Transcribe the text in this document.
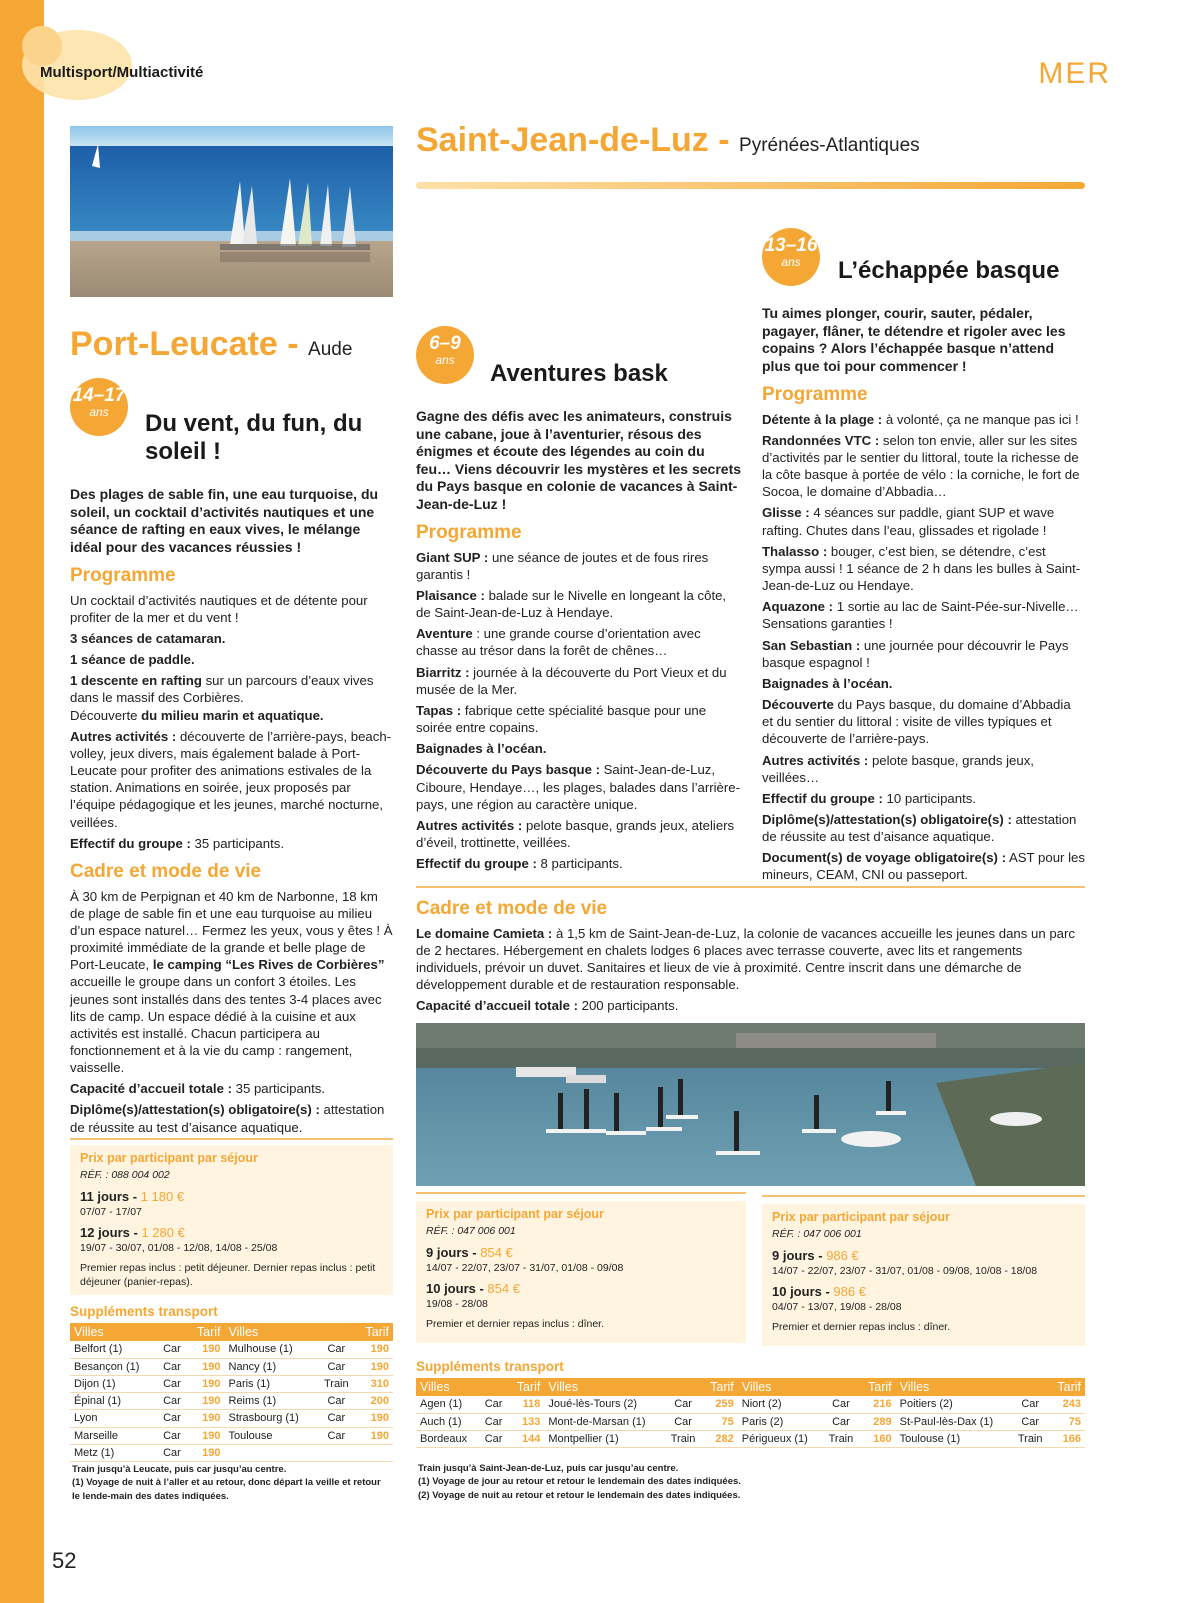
Multisport/Multiactivité	MER
Port-Leucate - Aude
14–17
ans	Du vent, du fun, du soleil !

Des plages de sable fin, une eau turquoise, du soleil, un cocktail d’activités nautiques et une séance de rafting en eaux vives, le mélange idéal pour des vacances réussies !

Programme

Un cocktail d’activités nautiques et de détente pour profiter de la mer et du vent !

3 séances de catamaran.

1 séance de paddle.

1 descente en rafting sur un parcours d’eaux vives dans le massif des Corbières.

Découverte du milieu marin et aquatique.

Autres activités : découverte de l’arrière-pays, beach-volley, jeux divers, mais également balade à Port-Leucate pour profiter des animations estivales de la station. Animations en soirée, jeux proposés par l’équipe pédagogique et les jeunes, marché nocturne, veillées.

Effectif du groupe : 35 participants.

Cadre et mode de vie

À 30 km de Perpignan et 40 km de Narbonne, 18 km de plage de sable fin et une eau turquoise au milieu d’un espace naturel… Fermez les yeux, vous y êtes ! À proximité immédiate de la grande et belle plage de Port-Leucate, le camping “Les Rives de Corbières” accueille le groupe dans un confort 3 étoiles. Les jeunes sont installés dans des tentes 3-4 places avec lits de camp. Un espace dédié à la cuisine et aux activités est installé. Chacun participera au fonctionnement et à la vie du camp : rangement, vaisselle.

Capacité d’accueil totale : 35 participants.

Diplôme(s)/attestation(s) obligatoire(s) : attestation de réussite au test d’aisance aquatique.

Prix par participant par séjour
RÉF. : 088 004 002
11 jours - 1 180 €
07/07 - 17/07
12 jours - 1 280 €
19/07 - 30/07, 01/08 - 12/08, 14/08 - 25/08
Premier repas inclus : petit déjeuner. Dernier repas inclus : petit déjeuner (panier-repas).
Suppléments transport
Villes		Tarif	Villes		Tarif
Belfort (1)	Car	190	Mulhouse (1)	Car	190
Besançon (1)	Car	190	Nancy (1)	Car	190
Dijon (1)	Car	190	Paris (1)	Train	310
Épinal (1)	Car	190	Reims (1)	Car	200
Lyon	Car	190	Strasbourg (1)	Car	190
Marseille	Car	190	Toulouse	Car	190
Metz (1)	Car	190			
Train jusqu’à Leucate, puis car jusqu’au centre.
(1) Voyage de nuit à l’aller et au retour, donc départ la veille et retour le lende-main des dates indiquées.
Saint-Jean-de-Luz - Pyrénées-Atlantiques
6–9
ans	Aventures bask

Gagne des défis avec les animateurs, construis une cabane, joue à l’aventurier, résous des énigmes et écoute des légendes au coin du feu… Viens découvrir les mystères et les secrets du Pays basque en colonie de vacances à Saint-Jean-de-Luz !

Programme

Giant SUP : une séance de joutes et de fous rires garantis !

Plaisance : balade sur le Nivelle en longeant la côte, de Saint-Jean-de-Luz à Hendaye.

Aventure : une grande course d’orientation avec chasse au trésor dans la forêt de chênes…

Biarritz : journée à la découverte du Port Vieux et du musée de la Mer.

Tapas : fabrique cette spécialité basque pour une soirée entre copains.

Baignades à l’océan.

Découverte du Pays basque : Saint-Jean-de-Luz, Ciboure, Hendaye…, les plages, balades dans l’arrière-pays, une région au caractère unique.

Autres activités : pelote basque, grands jeux, ateliers d’éveil, trottinette, veillées.

Effectif du groupe : 8 participants.

13–16
ans	L’échappée basque

Tu aimes plonger, courir, sauter, pédaler, pagayer, flâner, te détendre et rigoler avec les copains ? Alors l’échappée basque n’attend plus que toi pour commencer !

Programme

Détente à la plage : à volonté, ça ne manque pas ici !

Randonnées VTC : selon ton envie, aller sur les sites d’activités par le sentier du littoral, toute la richesse de la côte basque à portée de vélo : la corniche, le fort de Socoa, le domaine d’Abbadia…

Glisse : 4 séances sur paddle, giant SUP et wave rafting. Chutes dans l’eau, glissades et rigolade !

Thalasso : bouger, c’est bien, se détendre, c’est sympa aussi ! 1 séance de 2 h dans les bulles à Saint-Jean-de-Luz ou Hendaye.

Aquazone : 1 sortie au lac de Saint-Pée-sur-Nivelle… Sensations garanties !

San Sebastian : une journée pour découvrir le Pays basque espagnol !

Baignades à l’océan.

Découverte du Pays basque, du domaine d’Abbadia et du sentier du littoral : visite de villes typiques et découverte de l’arrière-pays.

Autres activités : pelote basque, grands jeux, veillées…

Effectif du groupe : 10 participants.

Diplôme(s)/attestation(s) obligatoire(s) : attestation de réussite au test d’aisance aquatique.

Document(s) de voyage obligatoire(s) : AST pour les mineurs, CEAM, CNI ou passeport.

Cadre et mode de vie

Le domaine Camieta : à 1,5 km de Saint-Jean-de-Luz, la colonie de vacances accueille les jeunes dans un parc de 2 hectares. Hébergement en chalets lodges 6 places avec terrasse couverte, avec lits et rangements individuels, prévoir un duvet. Sanitaires et lieux de vie à proximité. Centre inscrit dans une démarche de développement durable et de restauration responsable.

Capacité d’accueil totale : 200 participants.

Prix par participant par séjour
RÉF. : 047 006 001
9 jours - 854 €
14/07 - 22/07, 23/07 - 31/07, 01/08 - 09/08
10 jours - 854 €
19/08 - 28/08
Premier et dernier repas inclus : dîner.
Prix par participant par séjour
RÉF. : 047 006 001
9 jours - 986 €
14/07 - 22/07, 23/07 - 31/07, 01/08 - 09/08, 10/08 - 18/08
10 jours - 986 €
04/07 - 13/07, 19/08 - 28/08
Premier et dernier repas inclus : dîner.
Suppléments transport
Villes		Tarif	Villes		Tarif	Villes		Tarif	Villes		Tarif
Agen (1)	Car	118	Joué-lès-Tours (2)	Car	259	Niort (2)	Car	216	Poitiers (2)	Car	243
Auch (1)	Car	133	Mont-de-Marsan (1)	Car	75	Paris (2)	Car	289	St-Paul-lès-Dax (1)	Car	75
Bordeaux	Car	144	Montpellier (1)	Train	282	Périgueux (1)	Train	160	Toulouse (1)	Train	166
Train jusqu’à Saint-Jean-de-Luz, puis car jusqu’au centre.
(1) Voyage de jour au retour et retour le lendemain des dates indiquées.
(2) Voyage de nuit au retour et retour le lendemain des dates indiquées.
52
